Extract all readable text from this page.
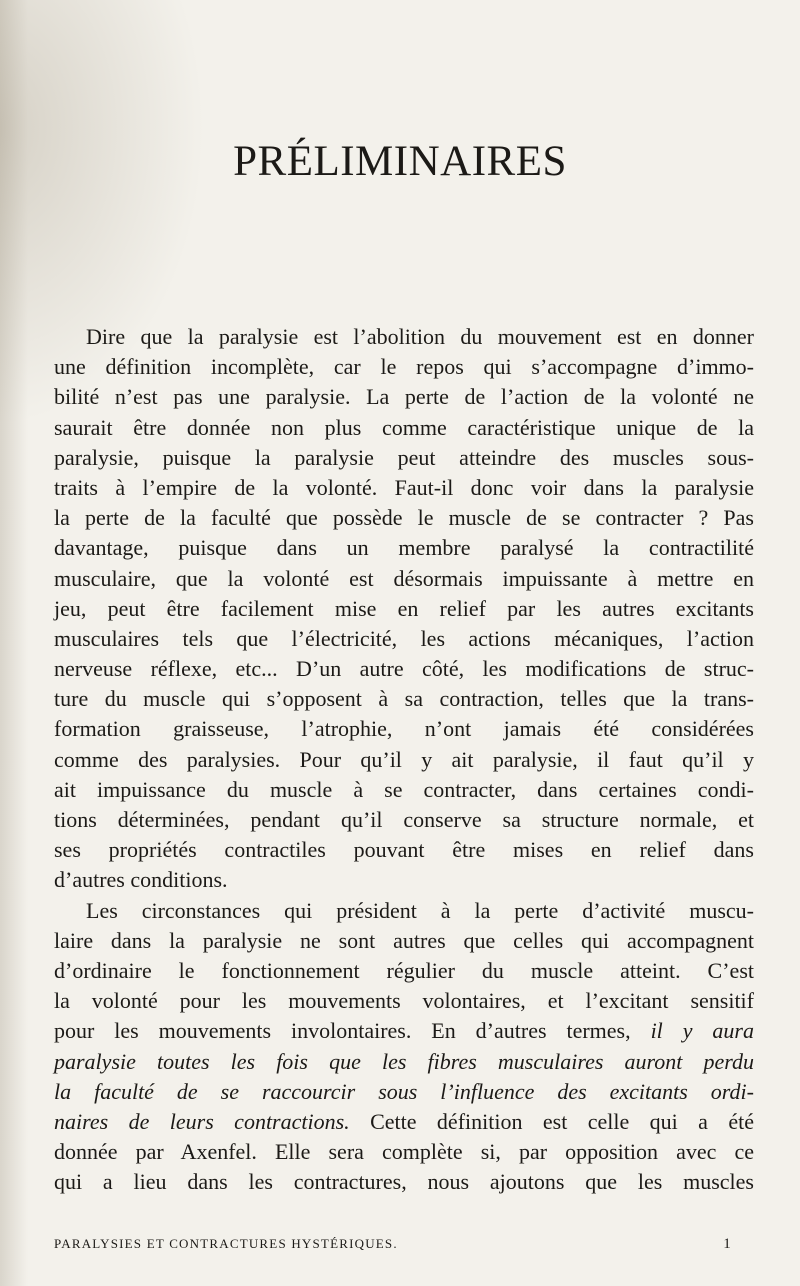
PRÉLIMINAIRES
Dire que la paralysie est l’abolition du mouvement est en donner
une définition incomplète, car le repos qui s’accompagne d’immo-
bilité n’est pas une paralysie. La perte de l’action de la volonté ne
saurait être donnée non plus comme caractéristique unique de la
paralysie, puisque la paralysie peut atteindre des muscles sous-
traits à l’empire de la volonté. Faut-il donc voir dans la paralysie
la perte de la faculté que possède le muscle de se contracter ? Pas
davantage, puisque dans un membre paralysé la contractilité
musculaire, que la volonté est désormais impuissante à mettre en
jeu, peut être facilement mise en relief par les autres excitants
musculaires tels que l’électricité, les actions mécaniques, l’action
nerveuse réflexe, etc... D’un autre côté, les modifications de struc-
ture du muscle qui s’opposent à sa contraction, telles que la trans-
formation graisseuse, l’atrophie, n’ont jamais été considérées
comme des paralysies. Pour qu’il y ait paralysie, il faut qu’il y
ait impuissance du muscle à se contracter, dans certaines condi-
tions déterminées, pendant qu’il conserve sa structure normale, et
ses propriétés contractiles pouvant être mises en relief dans
d’autres conditions.
Les circonstances qui président à la perte d’activité muscu-
laire dans la paralysie ne sont autres que celles qui accompagnent
d’ordinaire le fonctionnement régulier du muscle atteint. C’est
la volonté pour les mouvements volontaires, et l’excitant sensitif
pour les mouvements involontaires. En d’autres termes, il y aura
paralysie toutes les fois que les fibres musculaires auront perdu
la faculté de se raccourcir sous l’influence des excitants ordi-
naires de leurs contractions. Cette définition est celle qui a été
donnée par Axenfel. Elle sera complète si, par opposition avec ce
qui a lieu dans les contractures, nous ajoutons que les muscles
PARALYSIES ET CONTRACTURES HYSTÉRIQUES.	1
